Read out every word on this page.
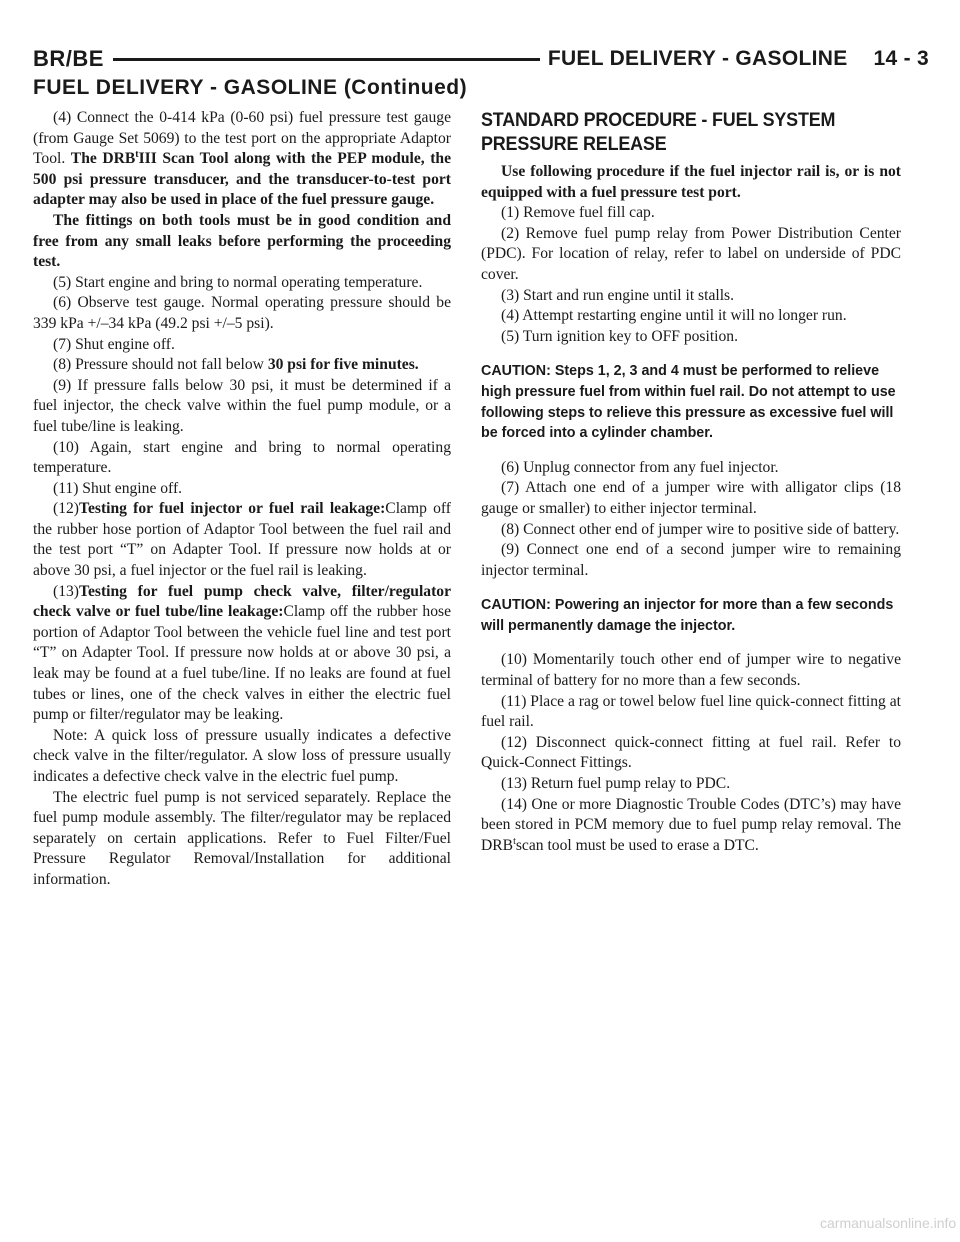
BR/BE	FUEL DELIVERY - GASOLINE 14 - 3
FUEL DELIVERY - GASOLINE (Continued)

(4) Connect the 0-414 kPa (0-60 psi) fuel pressure test gauge (from Gauge Set 5069) to the test port on the appropriate Adaptor Tool. The DRB$^t$III Scan Tool along with the PEP module, the 500 psi pressure transducer, and the transducer-to-test port adapter may also be used in place of the fuel pressure gauge.

The fittings on both tools must be in good condition and free from any small leaks before performing the proceeding test.

(5) Start engine and bring to normal operating temperature.

(6) Observe test gauge. Normal operating pressure should be 339 kPa +/–34 kPa (49.2 psi +/–5 psi).

(7) Shut engine off.

(8) Pressure should not fall below 30 psi for five minutes.

(9) If pressure falls below 30 psi, it must be determined if a fuel injector, the check valve within the fuel pump module, or a fuel tube/line is leaking.

(10) Again, start engine and bring to normal operating temperature.

(11) Shut engine off.

(12)Testing for fuel injector or fuel rail leakage:Clamp off the rubber hose portion of Adaptor Tool between the fuel rail and the test port “T” on Adapter Tool. If pressure now holds at or above 30 psi, a fuel injector or the fuel rail is leaking.

(13)Testing for fuel pump check valve, filter/regulator check valve or fuel tube/line leakage:Clamp off the rubber hose portion of Adaptor Tool between the vehicle fuel line and test port “T” on Adapter Tool. If pressure now holds at or above 30 psi, a leak may be found at a fuel tube/line. If no leaks are found at fuel tubes or lines, one of the check valves in either the electric fuel pump or filter/regulator may be leaking.

Note: A quick loss of pressure usually indicates a defective check valve in the filter/regulator. A slow loss of pressure usually indicates a defective check valve in the electric fuel pump.

The electric fuel pump is not serviced separately. Replace the fuel pump module assembly. The filter/regulator may be replaced separately on certain applications. Refer to Fuel Filter/Fuel Pressure Regulator Removal/Installation for additional information.

STANDARD PROCEDURE - FUEL SYSTEM
PRESSURE RELEASE

Use following procedure if the fuel injector rail is, or is not equipped with a fuel pressure test port.

(1) Remove fuel fill cap.

(2) Remove fuel pump relay from Power Distribution Center (PDC). For location of relay, refer to label on underside of PDC cover.

(3) Start and run engine until it stalls.

(4) Attempt restarting engine until it will no longer run.

(5) Turn ignition key to OFF position.

CAUTION: Steps 1, 2, 3 and 4 must be performed to relieve high pressure fuel from within fuel rail. Do not attempt to use following steps to relieve this pressure as excessive fuel will be forced into a cylinder chamber.

(6) Unplug connector from any fuel injector.

(7) Attach one end of a jumper wire with alligator clips (18 gauge or smaller) to either injector terminal.

(8) Connect other end of jumper wire to positive side of battery.

(9) Connect one end of a second jumper wire to remaining injector terminal.

CAUTION: Powering an injector for more than a few seconds will permanently damage the injector.

(10) Momentarily touch other end of jumper wire to negative terminal of battery for no more than a few seconds.

(11) Place a rag or towel below fuel line quick-connect fitting at fuel rail.

(12) Disconnect quick-connect fitting at fuel rail. Refer to Quick-Connect Fittings.

(13) Return fuel pump relay to PDC.

(14) One or more Diagnostic Trouble Codes (DTC’s) may have been stored in PCM memory due to fuel pump relay removal. The DRB$^t$scan tool must be used to erase a DTC.

carmanualsonline.info
